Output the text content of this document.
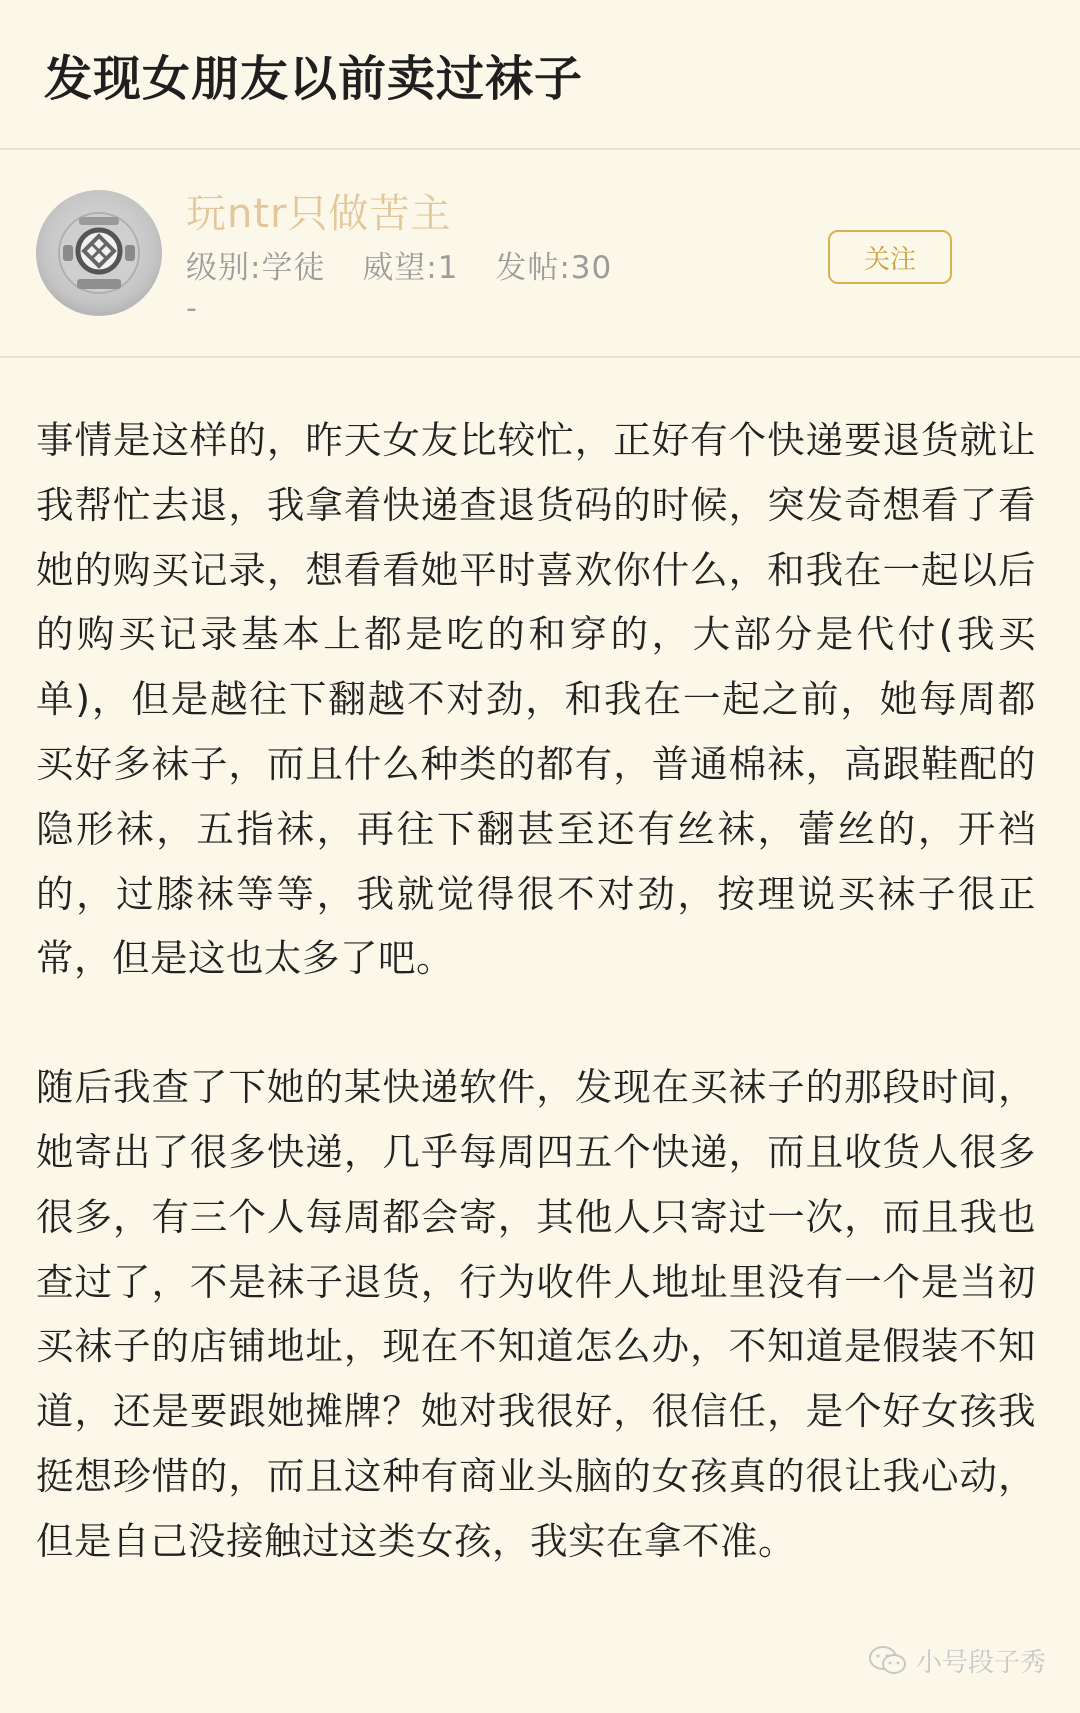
发现女朋友以前卖过袜子
玩ntr只做苦主
级别:学徒 威望:1 发帖:30
-
关注

事情是这样的，昨天女友比较忙，正好有个快递要退货就让我帮忙去退，我拿着快递查退货码的时候，突发奇想看了看她的购买记录，想看看她平时喜欢你什么，和我在一起以后的购买记录基本上都是吃的和穿的，大部分是代付(我买单)，但是越往下翻越不对劲，和我在一起之前，她每周都买好多袜子，而且什么种类的都有，普通棉袜，高跟鞋配的隐形袜，五指袜，再往下翻甚至还有丝袜，蕾丝的，开裆的，过膝袜等等，我就觉得很不对劲，按理说买袜子很正常，但是这也太多了吧。

随后我查了下她的某快递软件，发现在买袜子的那段时间，她寄出了很多快递，几乎每周四五个快递，而且收货人很多很多，有三个人每周都会寄，其他人只寄过一次，而且我也查过了，不是袜子退货，行为收件人地址里没有一个是当初买袜子的店铺地址，现在不知道怎么办，不知道是假装不知道，还是要跟她摊牌？她对我很好，很信任，是个好女孩我挺想珍惜的，而且这种有商业头脑的女孩真的很让我心动，但是自己没接触过这类女孩，我实在拿不准。

小号段子秀
